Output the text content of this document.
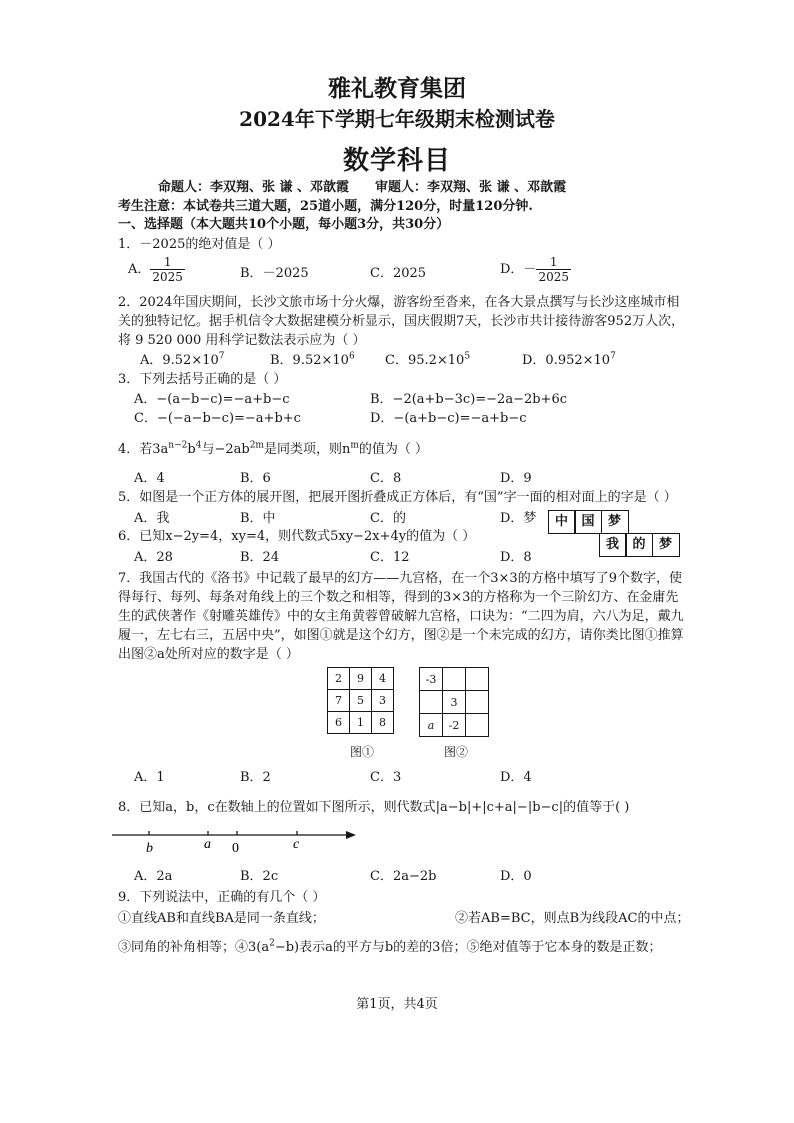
雅礼教育集团
2024年下学期七年级期末检测试卷
数学科目
命题人：李双翔、张 谦 、邓歆霞　　审题人：李双翔、张 谦 、邓歆霞
考生注意：本试卷共三道大题，25道小题，满分120分，时量120分钟.
一、选择题（本大题共10个小题，每小题3分，共30分）
1．－2025的绝对值是（ ）
A． $\frac{1}{2025}$	B．－2025	C．2025	D．－ $\frac{1}{2025}$
2．2024年国庆期间，长沙文旅市场十分火爆，游客纷至沓来，在各大景点撰写与长沙这座城市相
关的独特记忆。据手机信令大数据建模分析显示，国庆假期7天，长沙市共计接待游客952万人次，
将 9 520 000 用科学记数法表示应为（ ）
A．$9.52\times 10^7$	B．$9.52\times 10^6$ C．$95.2\times 10^5$	D．$0.952\times 10^7$
3．下列去括号正确的是（ ）
A．−(a−b−c)=−a+b−c	B．−2(a+b−3c)=−2a−2b+6c
C．−(−a−b−c)=−a+b+c	D．−(a+b−c)=−a+b−c
4．若$3a^{n-2}b^4$与$-2ab^{2m}$是同类项，则$n^m$的值为（ ）
A．4	B．6	C．8	D．9
5．如图是一个正方体的展开图，把展开图折叠成正方体后，有“国”字一面的相对面上的字是（ ）
A．我	B．中	C．的	D．梦	中	国	梦
我	的	梦
6．已知x−2y=4，xy=4，则代数式5xy−2x+4y的值为（ ）
A．28	B．24	C．12	D．8
7．我国古代的《洛书》中记载了最早的幻方——九宫格，在一个3×3的方格中填写了9个数字，使
得每行、每列、每条对角线上的三个数之和相等，得到的3×3的方格称为一个三阶幻方、在金庸先
生的武侠著作《射雕英雄传》中的女主角黄蓉曾破解九宫格，口诀为：“二四为肩，六八为足，戴九
履一，左七右三，五居中央”，如图①就是这个幻方，图②是一个未完成的幻方，请你类比图①推算
出图②a处所对应的数字是（ ）
2	9	4
7	5	3
6	1	8
-3		
	3	
a	-2	
图①	图②
A．1	B．2	C．3	D．4
8．已知a，b，c在数轴上的位置如下图所示，则代数式|a−b|+|c+a|−|b−c|的值等于( )
b	a 0	c
A．2a	B．2c	C．2a−2b	D．0
9．下列说法中，正确的有几个（ ）
①直线AB和直线BA是同一条直线；	②若AB=BC，则点B为线段AC的中点；
③同角的补角相等；$④3(a^2-b)$表示a的平方与b的差的3倍；⑤绝对值等于它本身的数是正数；
第1页，共4页
